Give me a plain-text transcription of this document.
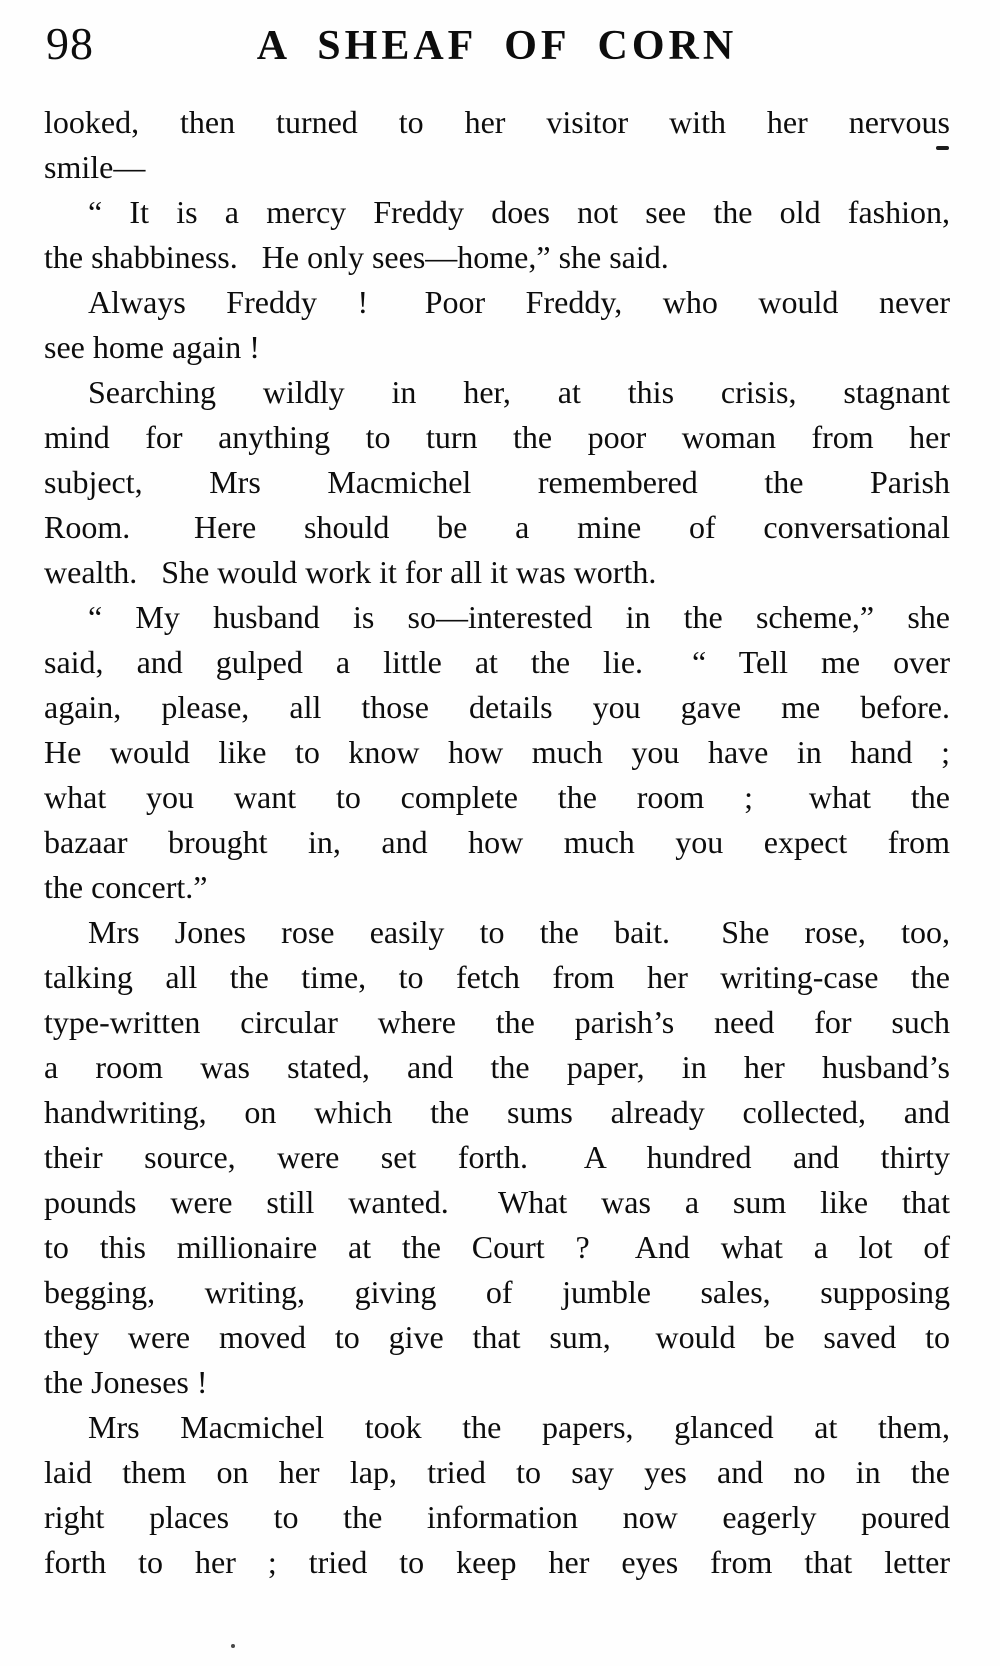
98	A SHEAF OF CORN
looked, then turned to her visitor with her nervous
smile—
“ It is a mercy Freddy does not see the old fashion,
the shabbiness.  He only sees—home,” she said.
Always Freddy !  Poor Freddy, who would never
see home again !
Searching wildly in her, at this crisis, stagnant
mind for anything to turn the poor woman from her
subject, Mrs Macmichel remembered the Parish
Room.  Here should be a mine of conversational
wealth.  She would work it for all it was worth.
“ My husband is so—interested in the scheme,” she
said, and gulped a little at the lie.  “ Tell me over
again, please, all those details you gave me before.
He would like to know how much you have in hand ;
what you want to complete the room ;  what the
bazaar brought in, and how much you expect from
the concert.”
Mrs Jones rose easily to the bait.  She rose, too,
talking all the time, to fetch from her writing-case the
type-written circular where the parish’s need for such
a room was stated, and the paper, in her husband’s
handwriting, on which the sums already collected, and
their source, were set forth.  A hundred and thirty
pounds were still wanted.  What was a sum like that
to this millionaire at the Court ?  And what a lot of
begging, writing, giving of jumble sales, supposing
they were moved to give that sum,  would be saved to
the Joneses !
Mrs Macmichel took the papers, glanced at them,
laid them on her lap, tried to say yes and no in the
right places to the information now eagerly poured
forth to her ; tried to keep her eyes from that letter
